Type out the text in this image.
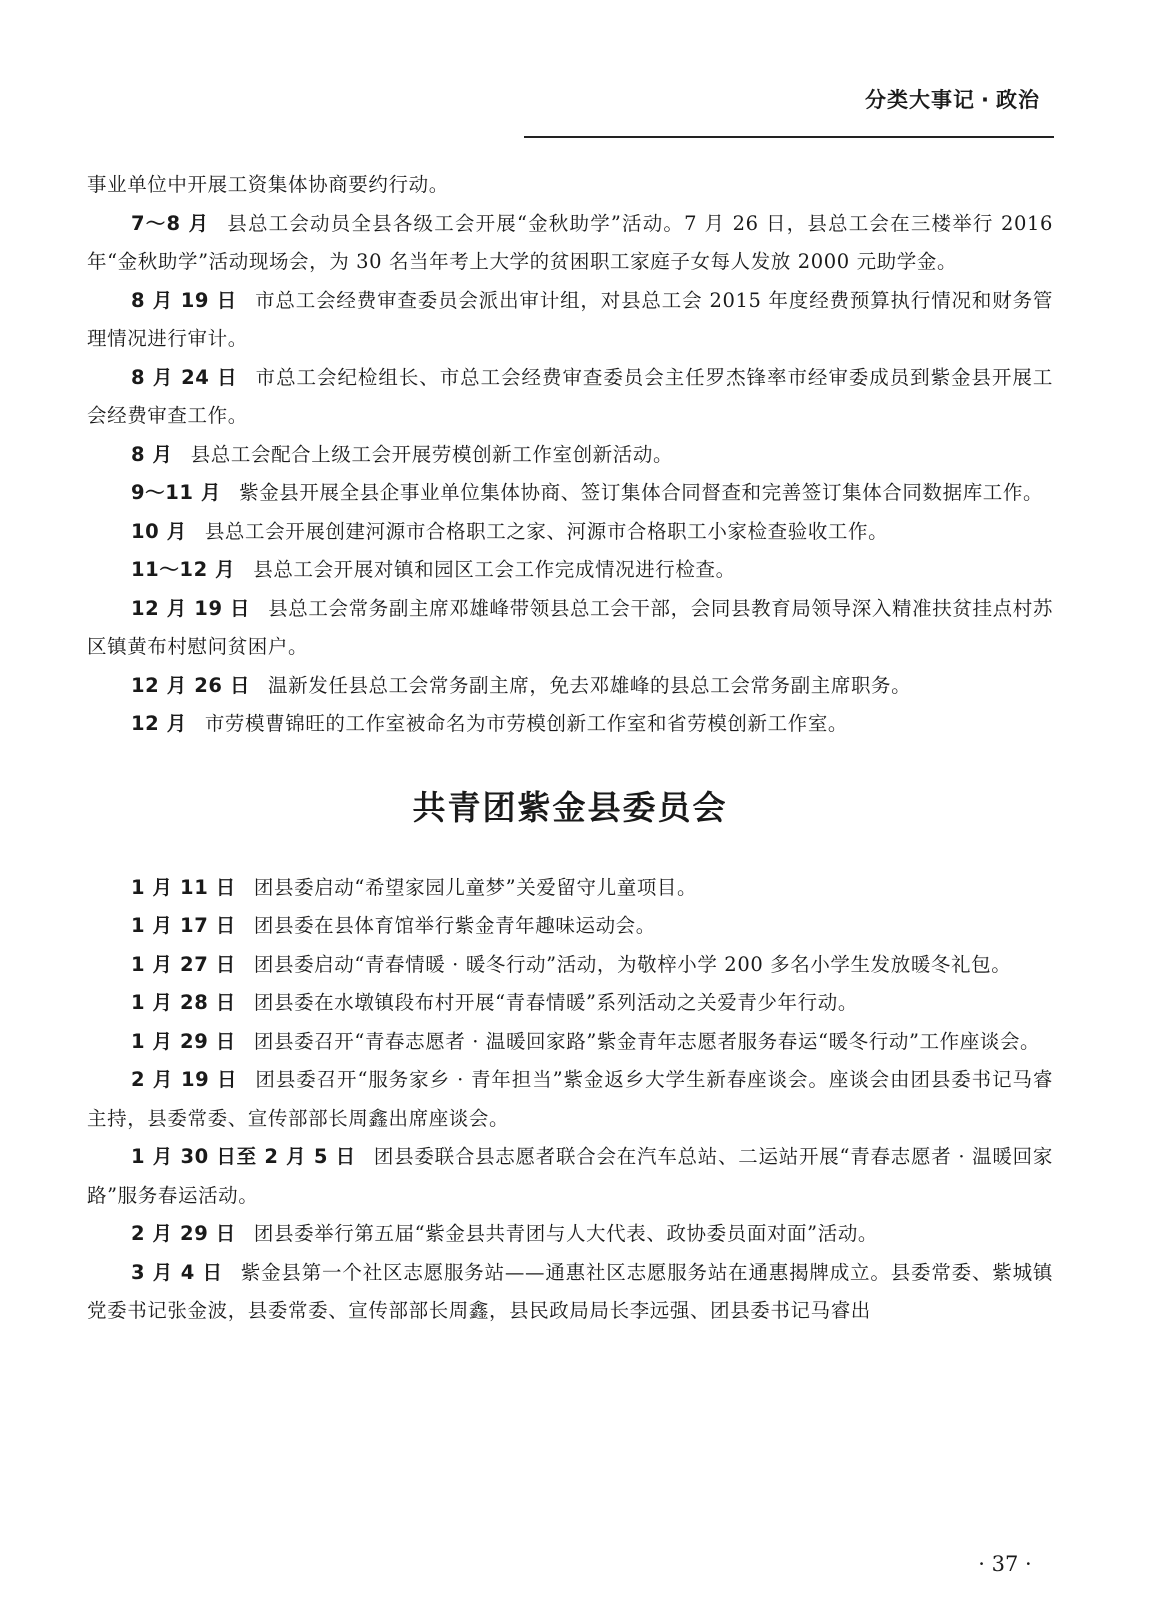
分类大事记 · 政治

事业单位中开展工资集体协商要约行动。

7～8 月 县总工会动员全县各级工会开展“金秋助学”活动。7 月 26 日，县总工会在三楼举行 2016 年“金秋助学”活动现场会，为 30 名当年考上大学的贫困职工家庭子女每人发放 2000 元助学金。

8 月 19 日 市总工会经费审查委员会派出审计组，对县总工会 2015 年度经费预算执行情况和财务管理情况进行审计。

8 月 24 日 市总工会纪检组长、市总工会经费审查委员会主任罗杰锋率市经审委成员到紫金县开展工会经费审查工作。

8 月 县总工会配合上级工会开展劳模创新工作室创新活动。

9～11 月 紫金县开展全县企事业单位集体协商、签订集体合同督查和完善签订集体合同数据库工作。

10 月 县总工会开展创建河源市合格职工之家、河源市合格职工小家检查验收工作。

11～12 月 县总工会开展对镇和园区工会工作完成情况进行检查。

12 月 19 日 县总工会常务副主席邓雄峰带领县总工会干部，会同县教育局领导深入精准扶贫挂点村苏区镇黄布村慰问贫困户。

12 月 26 日 温新发任县总工会常务副主席，免去邓雄峰的县总工会常务副主席职务。

12 月 市劳模曹锦旺的工作室被命名为市劳模创新工作室和省劳模创新工作室。

共青团紫金县委员会

1 月 11 日 团县委启动“希望家园儿童梦”关爱留守儿童项目。

1 月 17 日 团县委在县体育馆举行紫金青年趣味运动会。

1 月 27 日 团县委启动“青春情暖 · 暖冬行动”活动，为敬梓小学 200 多名小学生发放暖冬礼包。

1 月 28 日 团县委在水墩镇段布村开展“青春情暖”系列活动之关爱青少年行动。

1 月 29 日 团县委召开“青春志愿者 · 温暖回家路”紫金青年志愿者服务春运“暖冬行动”工作座谈会。

2 月 19 日 团县委召开“服务家乡 · 青年担当”紫金返乡大学生新春座谈会。座谈会由团县委书记马睿主持，县委常委、宣传部部长周鑫出席座谈会。

1 月 30 日至 2 月 5 日 团县委联合县志愿者联合会在汽车总站、二运站开展“青春志愿者 · 温暖回家路”服务春运活动。

2 月 29 日 团县委举行第五届“紫金县共青团与人大代表、政协委员面对面”活动。

3 月 4 日 紫金县第一个社区志愿服务站——通惠社区志愿服务站在通惠揭牌成立。县委常委、紫城镇党委书记张金波，县委常委、宣传部部长周鑫，县民政局局长李远强、团县委书记马睿出

· 37 ·
